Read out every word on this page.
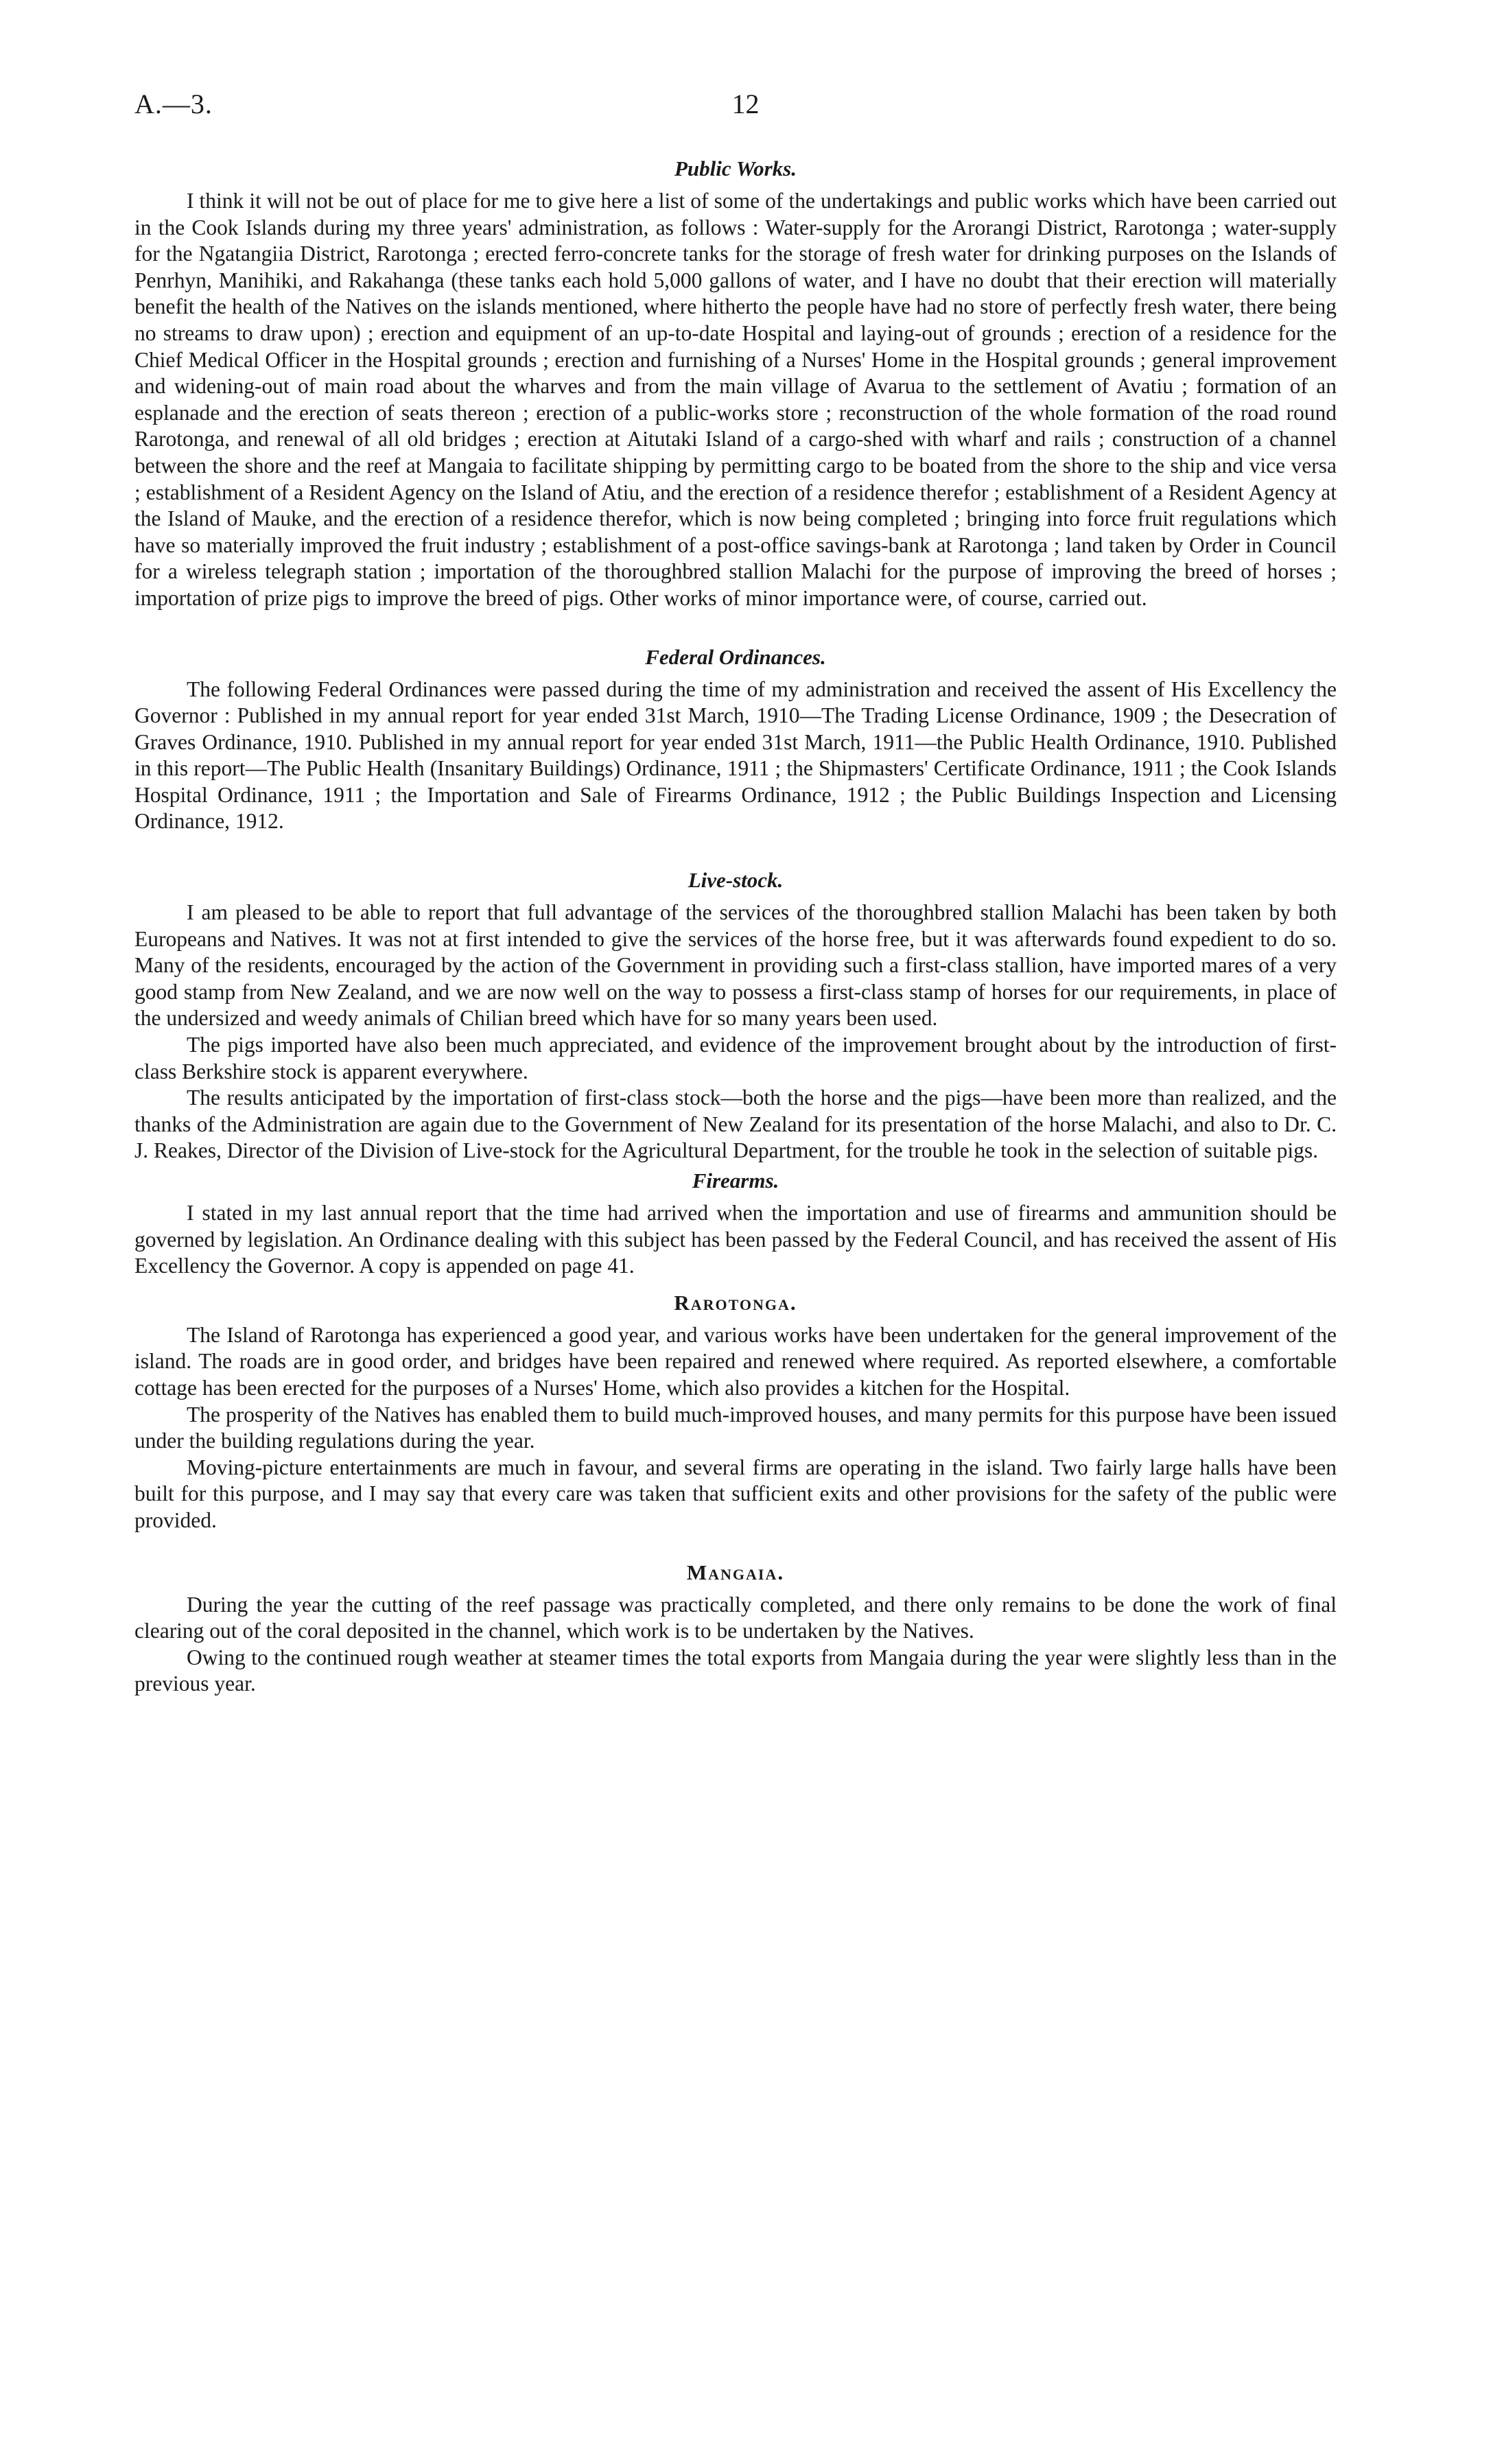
A.—3.	12
Public Works.

I think it will not be out of place for me to give here a list of some of the undertakings and public works which have been carried out in the Cook Islands during my three years' administration, as follows : Water-supply for the Arorangi District, Rarotonga ; water-supply for the Ngatangiia District, Rarotonga ; erected ferro-concrete tanks for the storage of fresh water for drinking purposes on the Islands of Penrhyn, Manihiki, and Rakahanga (these tanks each hold 5,000 gallons of water, and I have no doubt that their erection will materially benefit the health of the Natives on the islands mentioned, where hitherto the people have had no store of perfectly fresh water, there being no streams to draw upon) ; erection and equipment of an up-to-date Hospital and laying-out of grounds ; erection of a residence for the Chief Medical Officer in the Hospital grounds ; erection and furnishing of a Nurses' Home in the Hospital grounds ; general improvement and widening-out of main road about the wharves and from the main village of Avarua to the settlement of Avatiu ; formation of an esplanade and the erection of seats thereon ; erection of a public-works store ; reconstruction of the whole formation of the road round Rarotonga, and renewal of all old bridges ; erection at Aitutaki Island of a cargo-shed with wharf and rails ; construction of a channel between the shore and the reef at Mangaia to facilitate shipping by permitting cargo to be boated from the shore to the ship and vice versa ; establishment of a Resident Agency on the Island of Atiu, and the erection of a residence therefor ; establishment of a Resident Agency at the Island of Mauke, and the erection of a residence therefor, which is now being completed ; bringing into force fruit regulations which have so materially improved the fruit industry ; establishment of a post-office savings-bank at Rarotonga ; land taken by Order in Council for a wireless telegraph station ; importation of the thoroughbred stallion Malachi for the purpose of improving the breed of horses ; importation of prize pigs to improve the breed of pigs. Other works of minor importance were, of course, carried out.

Federal Ordinances.

The following Federal Ordinances were passed during the time of my administration and received the assent of His Excellency the Governor : Published in my annual report for year ended 31st March, 1910—The Trading License Ordinance, 1909 ; the Desecration of Graves Ordinance, 1910. Published in my annual report for year ended 31st March, 1911—the Public Health Ordinance, 1910. Published in this report—The Public Health (Insanitary Buildings) Ordinance, 1911 ; the Shipmasters' Certificate Ordinance, 1911 ; the Cook Islands Hospital Ordinance, 1911 ; the Importation and Sale of Firearms Ordinance, 1912 ; the Public Buildings Inspection and Licensing Ordinance, 1912.

Live-stock.

I am pleased to be able to report that full advantage of the services of the thoroughbred stallion Malachi has been taken by both Europeans and Natives. It was not at first intended to give the services of the horse free, but it was afterwards found expedient to do so. Many of the residents, encouraged by the action of the Government in providing such a first-class stallion, have imported mares of a very good stamp from New Zealand, and we are now well on the way to possess a first-class stamp of horses for our requirements, in place of the undersized and weedy animals of Chilian breed which have for so many years been used.

The pigs imported have also been much appreciated, and evidence of the improvement brought about by the introduction of first-class Berkshire stock is apparent everywhere.

The results anticipated by the importation of first-class stock—both the horse and the pigs—have been more than realized, and the thanks of the Administration are again due to the Government of New Zealand for its presentation of the horse Malachi, and also to Dr. C. J. Reakes, Director of the Division of Live-stock for the Agricultural Department, for the trouble he took in the selection of suitable pigs.

Firearms.

I stated in my last annual report that the time had arrived when the importation and use of firearms and ammunition should be governed by legislation. An Ordinance dealing with this subject has been passed by the Federal Council, and has received the assent of His Excellency the Governor. A copy is appended on page 41.

Rarotonga.

The Island of Rarotonga has experienced a good year, and various works have been undertaken for the general improvement of the island. The roads are in good order, and bridges have been repaired and renewed where required. As reported elsewhere, a comfortable cottage has been erected for the purposes of a Nurses' Home, which also provides a kitchen for the Hospital.

The prosperity of the Natives has enabled them to build much-improved houses, and many permits for this purpose have been issued under the building regulations during the year.

Moving-picture entertainments are much in favour, and several firms are operating in the island. Two fairly large halls have been built for this purpose, and I may say that every care was taken that sufficient exits and other provisions for the safety of the public were provided.

Mangaia.

During the year the cutting of the reef passage was practically completed, and there only remains to be done the work of final clearing out of the coral deposited in the channel, which work is to be undertaken by the Natives.

Owing to the continued rough weather at steamer times the total exports from Mangaia during the year were slightly less than in the previous year.
